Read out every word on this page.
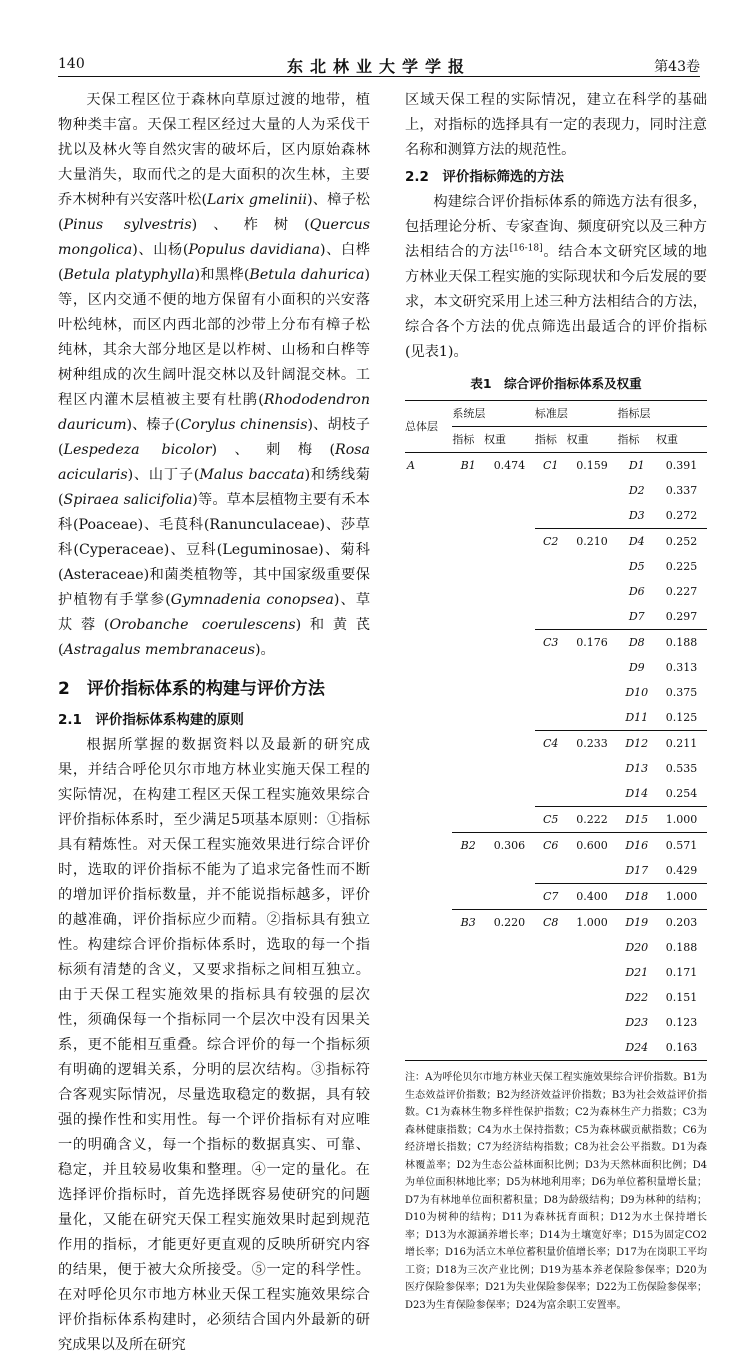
140	东北林业大学学报	第43卷

天保工程区位于森林向草原过渡的地带，植物种类丰富。天保工程区经过大量的人为采伐干扰以及林火等自然灾害的破坏后，区内原始森林大量消失，取而代之的是大面积的次生林，主要乔木树种有兴安落叶松(Larix gmelinii)、樟子松(Pinus sylvestris)、柞树(Quercus mongolica)、山杨(Populus davidiana)、白桦(Betula platyphylla)和黑桦(Betula dahurica)等，区内交通不便的地方保留有小面积的兴安落叶松纯林，而区内西北部的沙带上分布有樟子松纯林，其余大部分地区是以柞树、山杨和白桦等树种组成的次生阔叶混交林以及针阔混交林。工程区内灌木层植被主要有杜鹃(Rhododendron dauricum)、榛子(Corylus chinensis)、胡枝子(Lespedeza bicolor)、刺梅(Rosa acicularis)、山丁子(Malus baccata)和绣线菊(Spiraea salicifolia)等。草本层植物主要有禾本科(Poaceae)、毛茛科(Ranunculaceae)、莎草科(Cyperaceae)、豆科(Leguminosae)、菊科(Asteraceae)和菌类植物等，其中国家级重要保护植物有手掌参(Gymnadenia conopsea)、草苁蓉(Orobanche coerulescens)和黄芪(Astragalus membranaceus)。

2　评价指标体系的构建与评价方法
2.1　评价指标体系构建的原则

根据所掌握的数据资料以及最新的研究成果，并结合呼伦贝尔市地方林业实施天保工程的实际情况，在构建工程区天保工程实施效果综合评价指标体系时，至少满足5项基本原则：①指标具有精炼性。对天保工程实施效果进行综合评价时，选取的评价指标不能为了追求完备性而不断的增加评价指标数量，并不能说指标越多，评价的越准确，评价指标应少而精。②指标具有独立性。构建综合评价指标体系时，选取的每一个指标须有清楚的含义，又要求指标之间相互独立。由于天保工程实施效果的指标具有较强的层次性，须确保每一个指标同一个层次中没有因果关系，更不能相互重叠。综合评价的每一个指标须有明确的逻辑关系，分明的层次结构。③指标符合客观实际情况，尽量选取稳定的数据，具有较强的操作性和实用性。每一个评价指标有对应唯一的明确含义，每一个指标的数据真实、可靠、稳定，并且较易收集和整理。④一定的量化。在选择评价指标时，首先选择既容易使研究的问题量化，又能在研究天保工程实施效果时起到规范作用的指标，才能更好更直观的反映所研究内容的结果，便于被大众所接受。⑤一定的科学性。在对呼伦贝尔市地方林业天保工程实施效果综合评价指标体系构建时，必须结合国内外最新的研究成果以及所在研究

区域天保工程的实际情况，建立在科学的基础上，对指标的选择具有一定的表现力，同时注意名称和测算方法的规范性。

2.2　评价指标筛选的方法

构建综合评价指标体系的筛选方法有很多，包括理论分析、专家查询、频度研究以及三种方法相结合的方法[16-18]。结合本文研究区域的地方林业天保工程实施的实际现状和今后发展的要求，本文研究采用上述三种方法相结合的方法，综合各个方法的优点筛选出最适合的评价指标(见表1)。

表1　综合评价指标体系及权重
总体层	系统层		标准层		指标层	
	指标	权重	指标	权重	指标	权重
A	B1	0.474	C1	0.159	D1	0.391
					D2	0.337
					D3	0.272
			C2	0.210	D4	0.252
					D5	0.225
					D6	0.227
					D7	0.297
			C3	0.176	D8	0.188
					D9	0.313
					D10	0.375
					D11	0.125
			C4	0.233	D12	0.211
					D13	0.535
					D14	0.254
			C5	0.222	D15	1.000
	B2	0.306	C6	0.600	D16	0.571
					D17	0.429
			C7	0.400	D18	1.000
	B3	0.220	C8	1.000	D19	0.203
					D20	0.188
					D21	0.171
					D22	0.151
					D23	0.123
					D24	0.163
注：A为呼伦贝尔市地方林业天保工程实施效果综合评价指数。B1为生态效益评价指数；B2为经济效益评价指数；B3为社会效益评价指数。C1为森林生物多样性保护指数；C2为森林生产力指数；C3为森林健康指数；C4为水土保持指数；C5为森林碳贡献指数；C6为经济增长指数；C7为经济结构指数；C8为社会公平指数。D1为森林覆盖率；D2为生态公益林面积比例；D3为天然林面积比例；D4为单位面积林地比率；D5为林地利用率；D6为单位蓄积量增长量；D7为有林地单位面积蓄积量；D8为龄级结构；D9为林种的结构；D10为树种的结构；D11为森林抚育面积；D12为水土保持增长率；D13为水源涵养增长率；D14为土壤宽好率；D15为固定CO2增长率；D16为活立木单位蓄积量价值增长率；D17为在岗职工平均工资；D18为三次产业比例；D19为基本养老保险参保率；D20为医疗保险参保率；D21为失业保险参保率；D22为工伤保险参保率；D23为生育保险参保率；D24为富余职工安置率。
